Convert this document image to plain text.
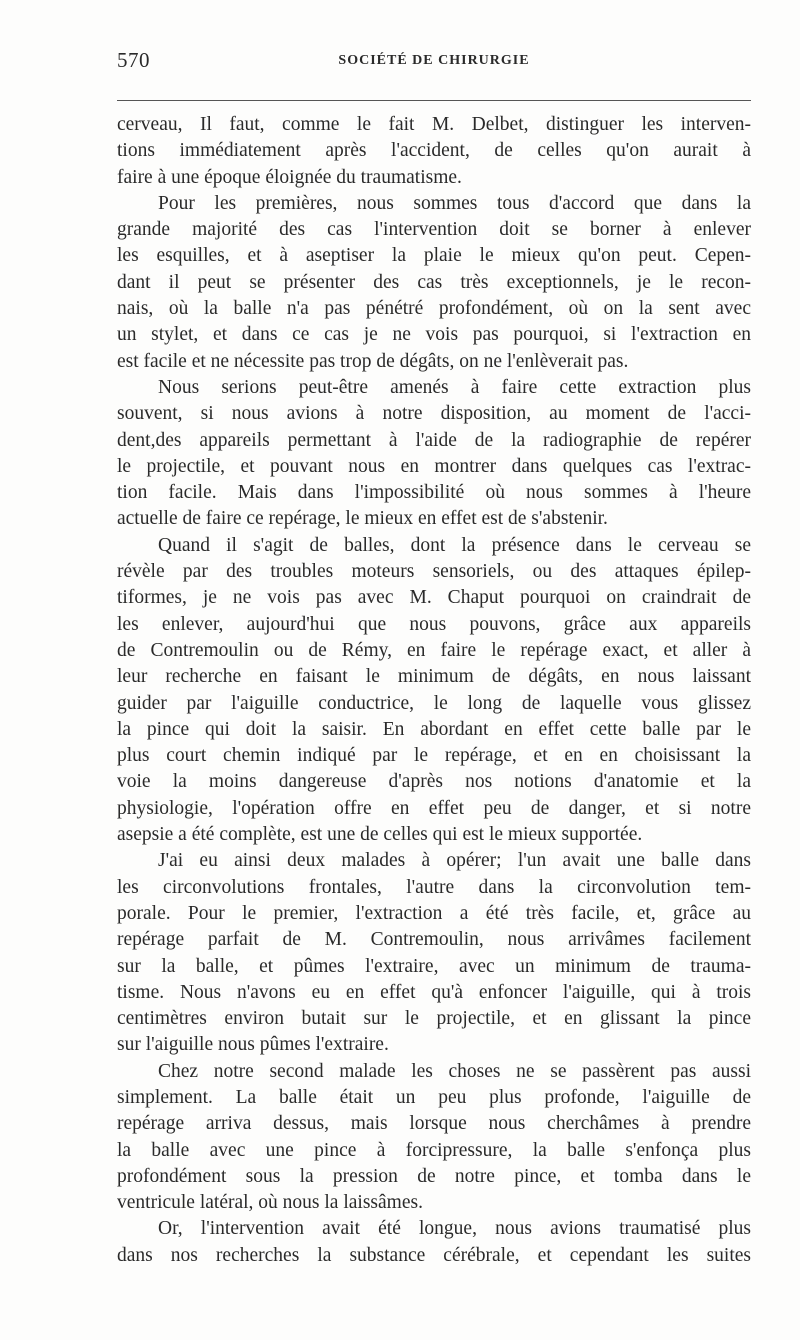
570	SOCIÉTÉ DE CHIRURGIE
cerveau, Il faut, comme le fait M. Delbet, distinguer les interven-
tions immédiatement après l'accident, de celles qu'on aurait à
faire à une époque éloignée du traumatisme.
Pour les premières, nous sommes tous d'accord que dans la
grande majorité des cas l'intervention doit se borner à enlever
les esquilles, et à aseptiser la plaie le mieux qu'on peut. Cepen-
dant il peut se présenter des cas très exceptionnels, je le recon-
nais, où la balle n'a pas pénétré profondément, où on la sent avec
un stylet, et dans ce cas je ne vois pas pourquoi, si l'extraction en
est facile et ne nécessite pas trop de dégâts, on ne l'enlèverait pas.
Nous serions peut-être amenés à faire cette extraction plus
souvent, si nous avions à notre disposition, au moment de l'acci-
dent,des appareils permettant à l'aide de la radiographie de repérer
le projectile, et pouvant nous en montrer dans quelques cas l'extrac-
tion facile. Mais dans l'impossibilité où nous sommes à l'heure
actuelle de faire ce repérage, le mieux en effet est de s'abstenir.
Quand il s'agit de balles, dont la présence dans le cerveau se
révèle par des troubles moteurs sensoriels, ou des attaques épilep-
tiformes, je ne vois pas avec M. Chaput pourquoi on craindrait de
les enlever, aujourd'hui que nous pouvons, grâce aux appareils
de Contremoulin ou de Rémy, en faire le repérage exact, et aller à
leur recherche en faisant le minimum de dégâts, en nous laissant
guider par l'aiguille conductrice, le long de laquelle vous glissez
la pince qui doit la saisir. En abordant en effet cette balle par le
plus court chemin indiqué par le repérage, et en en choisissant la
voie la moins dangereuse d'après nos notions d'anatomie et la
physiologie, l'opération offre en effet peu de danger, et si notre
asepsie a été complète, est une de celles qui est le mieux supportée.
J'ai eu ainsi deux malades à opérer; l'un avait une balle dans
les circonvolutions frontales, l'autre dans la circonvolution tem-
porale. Pour le premier, l'extraction a été très facile, et, grâce au
repérage parfait de M. Contremoulin, nous arrivâmes facilement
sur la balle, et pûmes l'extraire, avec un minimum de trauma-
tisme. Nous n'avons eu en effet qu'à enfoncer l'aiguille, qui à trois
centimètres environ butait sur le projectile, et en glissant la pince
sur l'aiguille nous pûmes l'extraire.
Chez notre second malade les choses ne se passèrent pas aussi
simplement. La balle était un peu plus profonde, l'aiguille de
repérage arriva dessus, mais lorsque nous cherchâmes à prendre
la balle avec une pince à forcipressure, la balle s'enfonça plus
profondément sous la pression de notre pince, et tomba dans le
ventricule latéral, où nous la laissâmes.
Or, l'intervention avait été longue, nous avions traumatisé plus
dans nos recherches la substance cérébrale, et cependant les suites
